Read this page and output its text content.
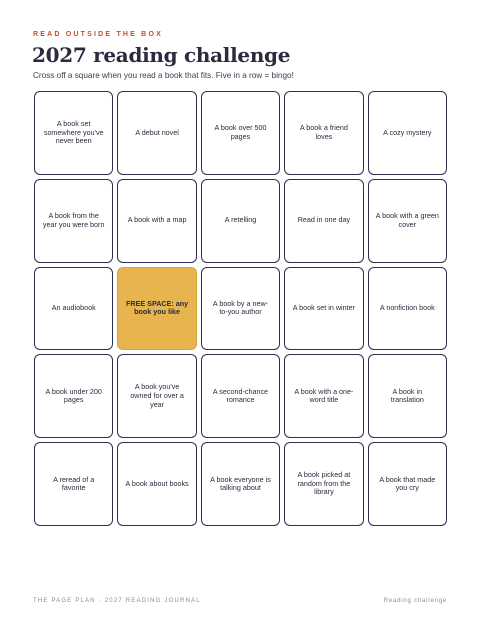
READ OUTSIDE THE BOX
2027 reading challenge
Cross off a square when you read a book that fits. Five in a row = bingo!
A book set somewhere you've never been
A debut novel	A book over 500 pages
A book a friend loves	A cozy mystery
A book from the year you were born	A book with a map	A retelling	Read in one day	A book with a green cover
An audiobook	FREE SPACE: any book you like
A book by a new-to-you author	A book set in winter	A nonfiction book
A book under 200 pages
A book you've owned for over a year
A second-chance romance
A book with a one-word title
A book in translation
A reread of a favorite	A book about books	A book everyone is talking about
A book picked at random from the library
A book that made you cry
THE PAGE PLAN · 2027 READING JOURNAL	Reading challenge
